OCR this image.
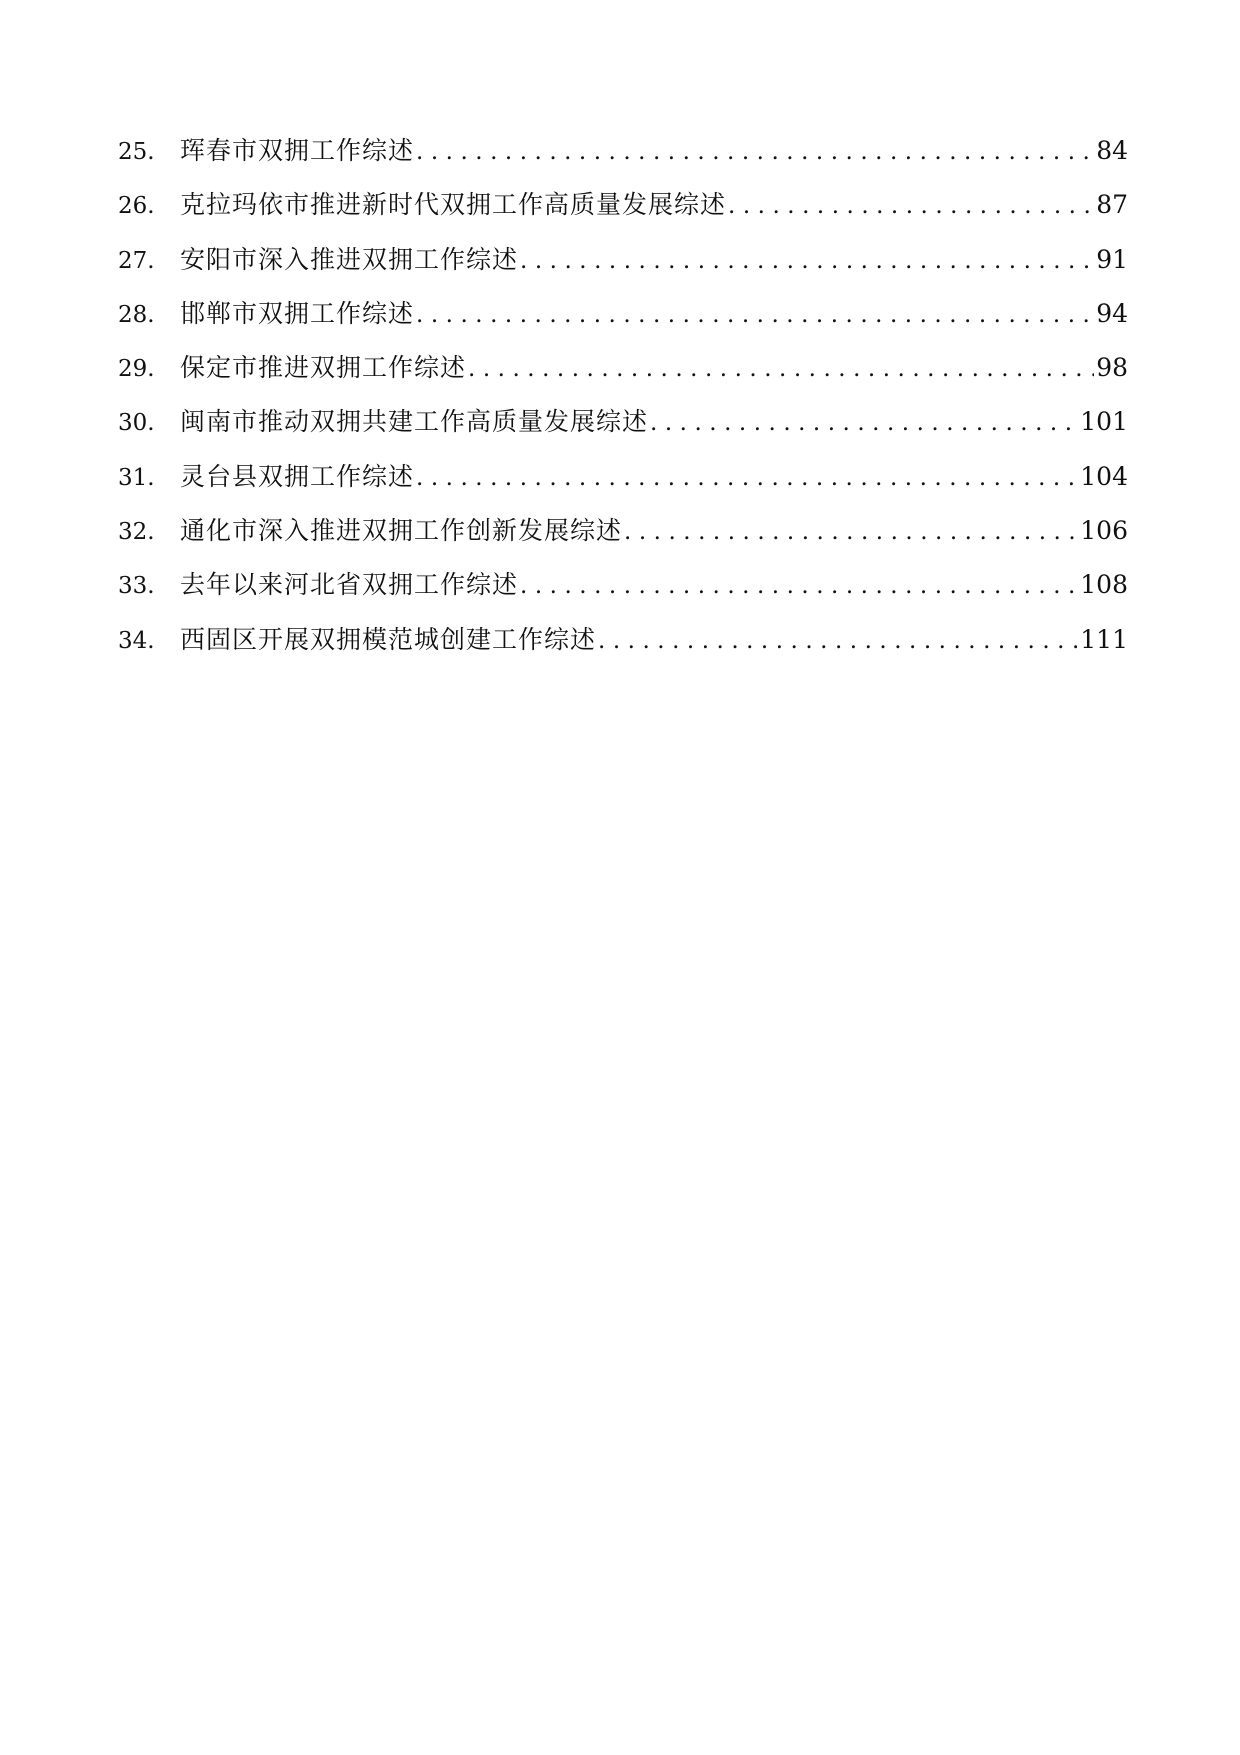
25.	珲春市双拥工作综述 .....	84
26.	克拉玛依市推进新时代双拥工作高质量发展综述 .....	87
27.	安阳市深入推进双拥工作综述 .....	91
28.	邯郸市双拥工作综述 .....	94
29.	保定市推进双拥工作综述 .....	98
30.	闽南市推动双拥共建工作高质量发展综述 .....	101
31.	灵台县双拥工作综述 .....	104
32.	通化市深入推进双拥工作创新发展综述 .....	106
33.	去年以来河北省双拥工作综述 .....	108
34.	西固区开展双拥模范城创建工作综述 .....	111
